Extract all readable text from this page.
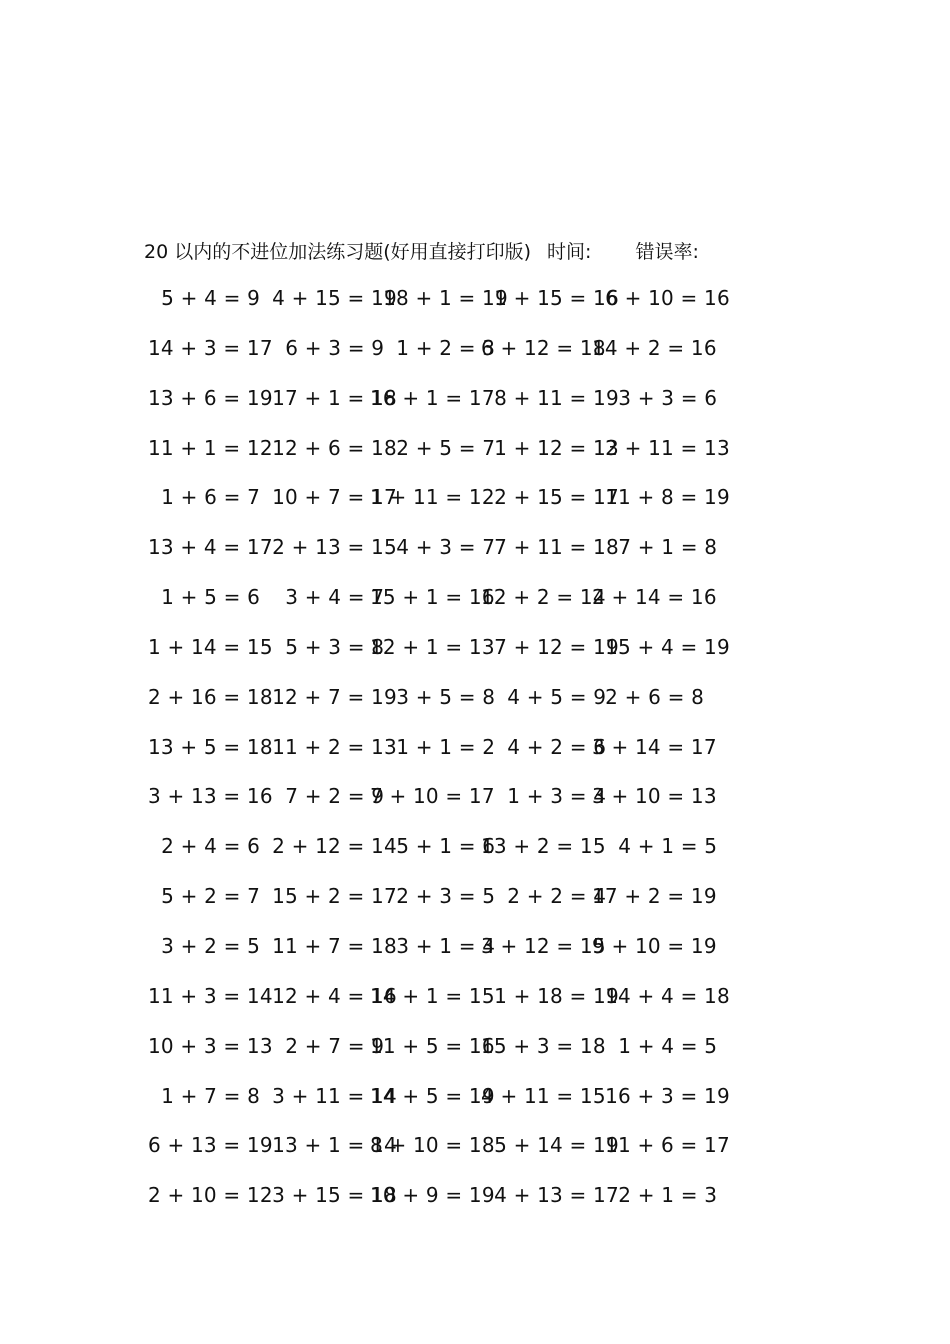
20 以内的不进位加法练习题(好用直接打印版) 时间: 错误率:
5 + 4 = 9
4 + 15 = 19
18 + 1 = 19
1 + 15 = 16
6 + 10 = 16
14 + 3 = 17
6 + 3 = 9
1 + 2 = 3
6 + 12 = 18
14 + 2 = 16
13 + 6 = 19
17 + 1 = 18
16 + 1 = 17
8 + 11 = 19
3 + 3 = 6
11 + 1 = 12
12 + 6 = 18
2 + 5 = 7
1 + 12 = 13
2 + 11 = 13
1 + 6 = 7
10 + 7 = 17
1 + 11 = 12
2 + 15 = 17
11 + 8 = 19
13 + 4 = 17
2 + 13 = 15
4 + 3 = 7
7 + 11 = 18
7 + 1 = 8
1 + 5 = 6
3 + 4 = 7
15 + 1 = 16
12 + 2 = 14
2 + 14 = 16
1 + 14 = 15
5 + 3 = 8
12 + 1 = 13
7 + 12 = 19
15 + 4 = 19
2 + 16 = 18
12 + 7 = 19
3 + 5 = 8
4 + 5 = 9
2 + 6 = 8
13 + 5 = 18
11 + 2 = 13
1 + 1 = 2
4 + 2 = 6
3 + 14 = 17
3 + 13 = 16
7 + 2 = 9
7 + 10 = 17
1 + 3 = 4
3 + 10 = 13
2 + 4 = 6
2 + 12 = 14
5 + 1 = 6
13 + 2 = 15
4 + 1 = 5
5 + 2 = 7
15 + 2 = 17
2 + 3 = 5
2 + 2 = 4
17 + 2 = 19
3 + 2 = 5
11 + 7 = 18
3 + 1 = 4
3 + 12 = 15
9 + 10 = 19
11 + 3 = 14
12 + 4 = 16
14 + 1 = 15
1 + 18 = 19
14 + 4 = 18
10 + 3 = 13
2 + 7 = 9
11 + 5 = 16
15 + 3 = 18
1 + 4 = 5
1 + 7 = 8
3 + 11 = 14
14 + 5 = 19
4 + 11 = 15
16 + 3 = 19
6 + 13 = 19
13 + 1 = 14
8 + 10 = 18
5 + 14 = 19
11 + 6 = 17
2 + 10 = 12
3 + 15 = 18
10 + 9 = 19
4 + 13 = 17
2 + 1 = 3
